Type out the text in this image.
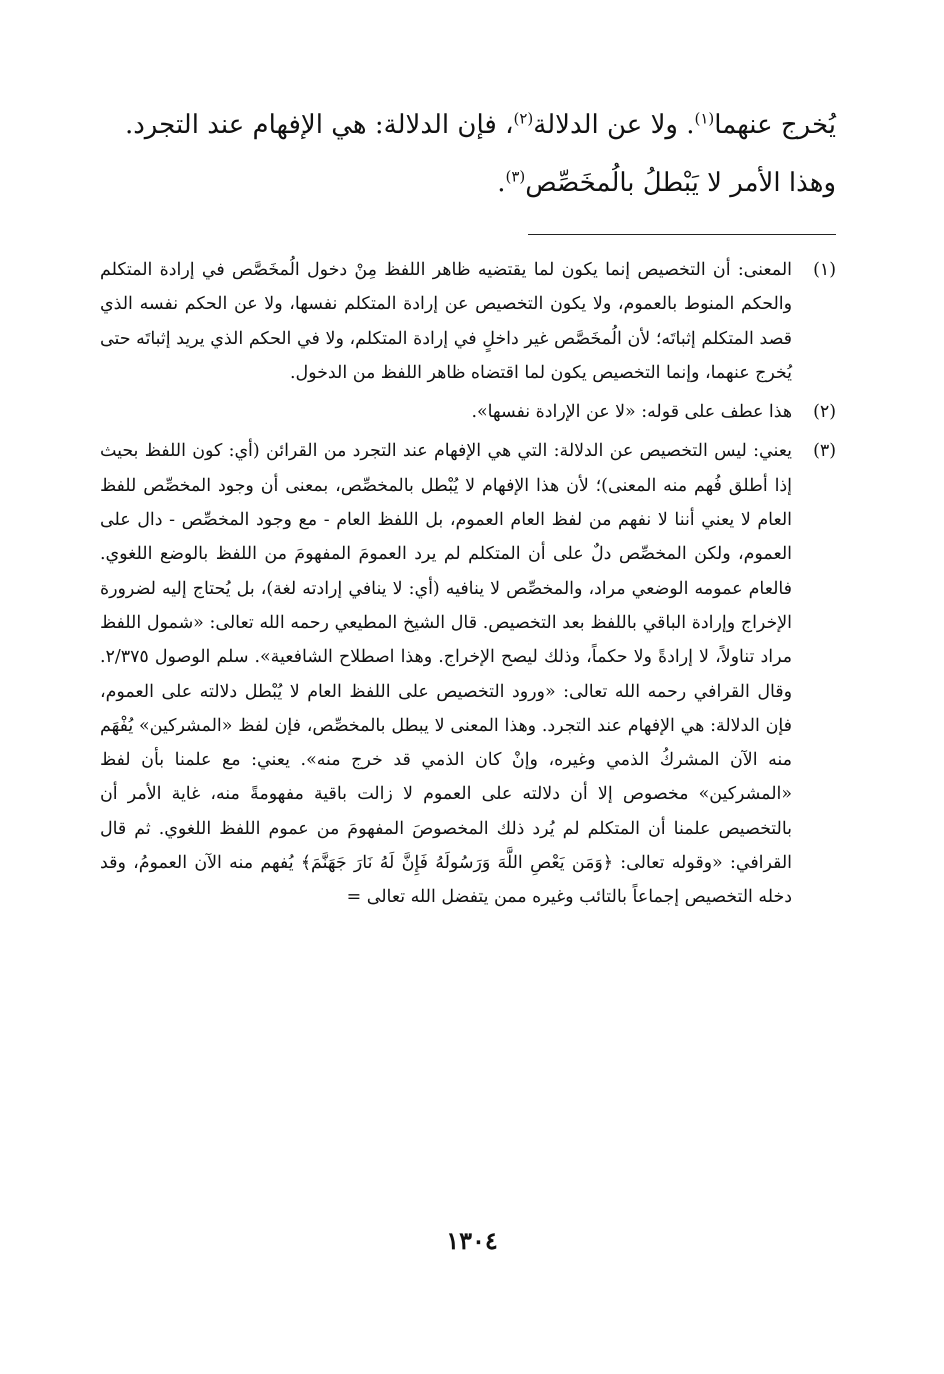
يُخرج عنهما$^{(١)}$. ولا عن الدلالة$^{(٢)}$، فإن الدلالة: هي الإفهام عند التجرد.

وهذا الأمر لا يَبْطلُ بالُمخَصِّص$^{(٣)}$.

(١)

المعنى: أن التخصيص إنما يكون لما يقتضيه ظاهر اللفظ مِنْ دخول الُمخَصَّص في إرادة المتكلم والحكم المنوط بالعموم، ولا يكون التخصيص عن إرادة المتكلم نفسها، ولا عن الحكم نفسه الذي قصد المتكلم إثباتَه؛ لأن الُمخَصَّص غير داخلٍ في إرادة المتكلم، ولا في الحكم الذي يريد إثباتَه حتى يُخرج عنهما، وإنما التخصيص يكون لما اقتضاه ظاهر اللفظ من الدخول.

(٢)

هذا عطف على قوله: «لا عن الإرادة نفسها».

(٣)

يعني: ليس التخصيص عن الدلالة: التي هي الإفهام عند التجرد من القرائن (أي: كون اللفظ بحيث إذا أطلق فُهم منه المعنى)؛ لأن هذا الإفهام لا يُبْطل بالمخصِّص، بمعنى أن وجود المخصِّص للفظ العام لا يعني أننا لا نفهم من لفظ العام العموم، بل اللفظ العام - مع وجود المخصِّص - دال على العموم، ولكن المخصِّص دلٌ على أن المتكلم لم يرد العمومَ المفهومَ من اللفظ بالوضع اللغوي. فالعام عمومه الوضعي مراد، والمخصِّص لا ينافيه (أي: لا ينافي إرادته لغة)، بل يُحتاج إليه لضرورة الإخراج وإرادة الباقي باللفظ بعد التخصيص. قال الشيخ المطيعي رحمه الله تعالى: «شمول اللفظ مراد تناولاً، لا إرادةً ولا حكماً، وذلك ليصح الإخراج. وهذا اصطلاح الشافعية». سلم الوصول ٢/٣٧٥. وقال القرافي رحمه الله تعالى: «ورود التخصيص على اللفظ العام لا يُبْطل دلالته على العموم، فإن الدلالة: هي الإفهام عند التجرد. وهذا المعنى لا يبطل بالمخصِّص، فإن لفظ «المشركين» يُفْهَم منه الآن المشركُ الذمي وغيره، وإنْ كان الذمي قد خرج منه». يعني: مع علمنا بأن لفظ «المشركين» مخصوص إلا أن دلالته على العموم لا زالت باقية مفهومةً منه، غاية الأمر أن بالتخصيص علمنا أن المتكلم لم يُرد ذلك المخصوصَ المفهومَ من عموم اللفظ اللغوي. ثم قال القرافي: «وقوله تعالى: ﴿وَمَن يَعْصِ اللَّهَ وَرَسُولَهُ فَإِنَّ لَهُ نَارَ جَهَنَّمَ﴾ يُفهم منه الآن العمومُ، وقد دخله التخصيص إجماعاً بالتائب وغيره ممن يتفضل الله تعالى =

١٣٠٤
